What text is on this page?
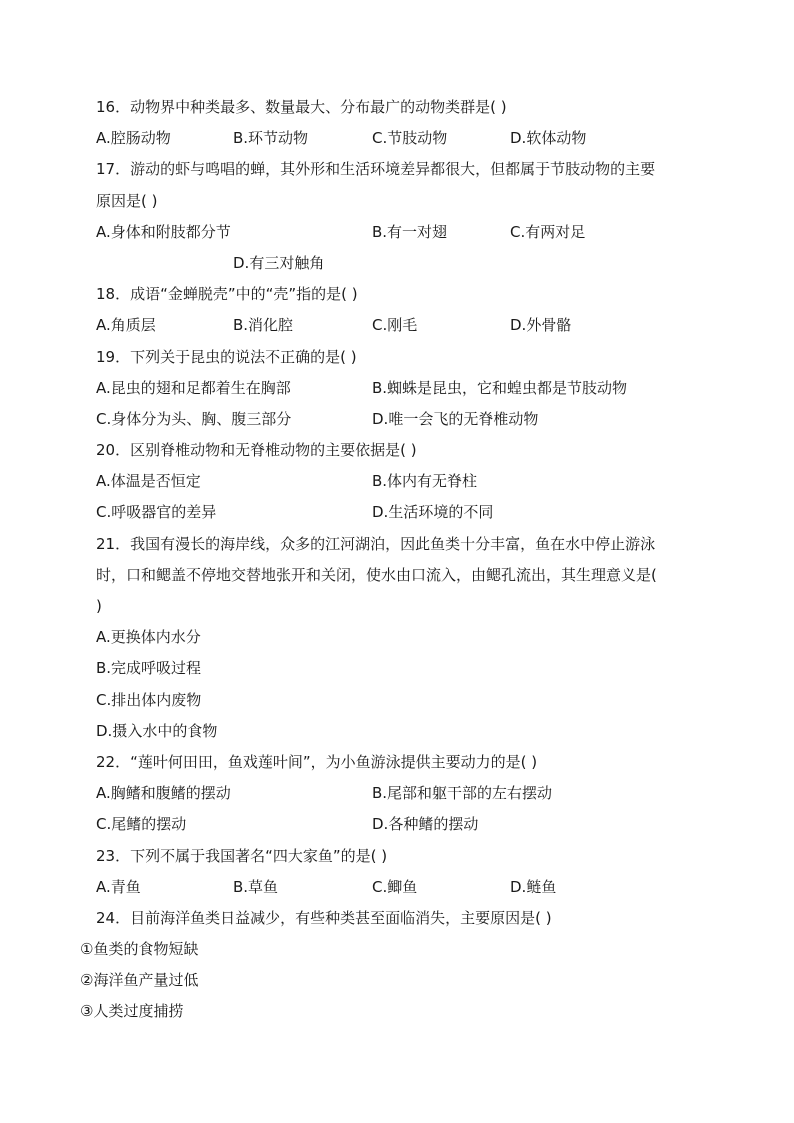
16．动物界中种类最多、数量最大、分布最广的动物类群是( )
A.腔肠动物	B.环节动物	C.节肢动物	D.软体动物
17．游动的虾与鸣唱的蝉，其外形和生活环境差异都很大，但都属于节肢动物的主要
原因是( )
A.身体和附肢都分节	B.有一对翅	C.有两对足
D.有三对触角
18．成语“金蝉脱壳”中的“壳”指的是( )
A.角质层	B.消化腔	C.刚毛	D.外骨骼
19．下列关于昆虫的说法不正确的是( )
A.昆虫的翅和足都着生在胸部	B.蜘蛛是昆虫，它和蝗虫都是节肢动物
C.身体分为头、胸、腹三部分	D.唯一会飞的无脊椎动物
20．区别脊椎动物和无脊椎动物的主要依据是( )
A.体温是否恒定	B.体内有无脊柱
C.呼吸器官的差异	D.生活环境的不同
21．我国有漫长的海岸线，众多的江河湖泊，因此鱼类十分丰富，鱼在水中停止游泳
时，口和鳃盖不停地交替地张开和关闭，使水由口流入，由鳃孔流出，其生理意义是(
)
A.更换体内水分
B.完成呼吸过程
C.排出体内废物
D.摄入水中的食物
22．“莲叶何田田，鱼戏莲叶间”，为小鱼游泳提供主要动力的是( )
A.胸鳍和腹鳍的摆动	B.尾部和躯干部的左右摆动
C.尾鳍的摆动	D.各种鳍的摆动
23．下列不属于我国著名“四大家鱼”的是( )
A.青鱼	B.草鱼	C.鲫鱼	D.鲢鱼
24．目前海洋鱼类日益减少，有些种类甚至面临消失，主要原因是( )
①鱼类的食物短缺
②海洋鱼产量过低
③人类过度捕捞
